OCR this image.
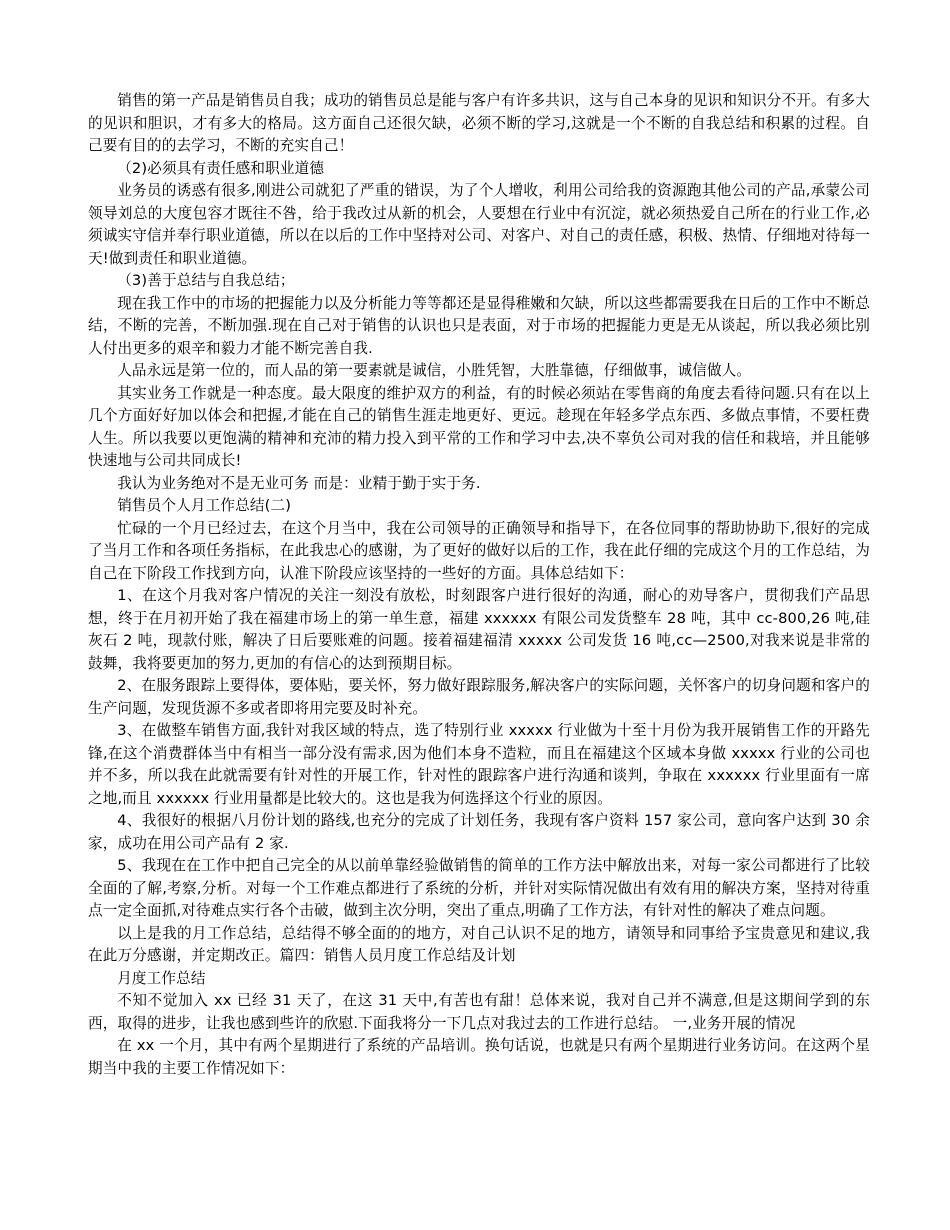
销售的第一产品是销售员自我；成功的销售员总是能与客户有许多共识，这与自己本身的见识和知识分不开。有多大的见识和胆识，才有多大的格局。这方面自己还很欠缺，必须不断的学习,这就是一个不断的自我总结和积累的过程。自己要有目的的去学习，不断的充实自己！

（2)必须具有责任感和职业道德

业务员的诱惑有很多,刚进公司就犯了严重的错误，为了个人增收，利用公司给我的资源跑其他公司的产品,承蒙公司领导刘总的大度包容才既往不咎，给于我改过从新的机会，人要想在行业中有沉淀，就必须热爱自己所在的行业工作,必须诚实守信并奉行职业道德，所以在以后的工作中坚持对公司、对客户、对自己的责任感，积极、热情、仔细地对待每一天!做到责任和职业道德。

（3)善于总结与自我总结；

现在我工作中的市场的把握能力以及分析能力等等都还是显得稚嫩和欠缺，所以这些都需要我在日后的工作中不断总结，不断的完善，不断加强.现在自己对于销售的认识也只是表面，对于市场的把握能力更是无从谈起，所以我必须比别人付出更多的艰辛和毅力才能不断完善自我.

人品永远是第一位的，而人品的第一要素就是诚信，小胜凭智，大胜靠德，仔细做事，诚信做人。

其实业务工作就是一种态度。最大限度的维护双方的利益，有的时候必须站在零售商的角度去看待问题.只有在以上几个方面好好加以体会和把握,才能在自己的销售生涯走地更好、更远。趁现在年轻多学点东西、多做点事情，不要枉费人生。所以我要以更饱满的精神和充沛的精力投入到平常的工作和学习中去,决不辜负公司对我的信任和栽培，并且能够快速地与公司共同成长!

我认为业务绝对不是无业可务 而是：业精于勤于实于务.

销售员个人月工作总结(二)

忙碌的一个月已经过去，在这个月当中，我在公司领导的正确领导和指导下，在各位同事的帮助协助下,很好的完成了当月工作和各项任务指标，在此我忠心的感谢，为了更好的做好以后的工作，我在此仔细的完成这个月的工作总结，为自己在下阶段工作找到方向，认准下阶段应该坚持的一些好的方面。具体总结如下：

1、在这个月我对客户情况的关注一刻没有放松，时刻跟客户进行很好的沟通，耐心的劝导客户，贯彻我们产品思想，终于在月初开始了我在福建市场上的第一单生意，福建 xxxxxx 有限公司发货整车 28 吨，其中 cc-800,26 吨,硅灰石 2 吨，现款付账，解决了日后要账难的问题。接着福建福清 xxxxx 公司发货 16 吨,cc—2500,对我来说是非常的鼓舞，我将要更加的努力,更加的有信心的达到预期目标。

2、在服务跟踪上要得体，要体贴，要关怀，努力做好跟踪服务,解决客户的实际问题，关怀客户的切身问题和客户的生产问题，发现货源不多或者即将用完要及时补充。

3、在做整车销售方面,我针对我区域的特点，选了特别行业 xxxxx 行业做为十至十月份为我开展销售工作的开路先锋,在这个消费群体当中有相当一部分没有需求,因为他们本身不造粒，而且在福建这个区域本身做 xxxxx 行业的公司也并不多，所以我在此就需要有针对性的开展工作，针对性的跟踪客户进行沟通和谈判，争取在 xxxxxx 行业里面有一席之地,而且 xxxxxx 行业用量都是比较大的。这也是我为何选择这个行业的原因。

4、我很好的根据八月份计划的路线,也充分的完成了计划任务，我现有客户资料 157 家公司，意向客户达到 30 余家，成功在用公司产品有 2 家.

5、我现在在工作中把自己完全的从以前单靠经验做销售的简单的工作方法中解放出来，对每一家公司都进行了比较全面的了解,考察,分析。对每一个工作难点都进行了系统的分析，并针对实际情况做出有效有用的解决方案，坚持对待重点一定全面抓,对待难点实行各个击破，做到主次分明，突出了重点,明确了工作方法，有针对性的解决了难点问题。

以上是我的月工作总结，总结得不够全面的的地方，对自己认识不足的地方，请领导和同事给予宝贵意见和建议,我在此万分感谢，并定期改正。篇四：销售人员月度工作总结及计划

月度工作总结

不知不觉加入 xx 已经 31 天了，在这 31 天中,有苦也有甜！总体来说，我对自己并不满意,但是这期间学到的东西，取得的进步，让我也感到些许的欣慰.下面我将分一下几点对我过去的工作进行总结。 一,业务开展的情况

在 xx 一个月，其中有两个星期进行了系统的产品培训。换句话说，也就是只有两个星期进行业务访问。在这两个星期当中我的主要工作情况如下：
